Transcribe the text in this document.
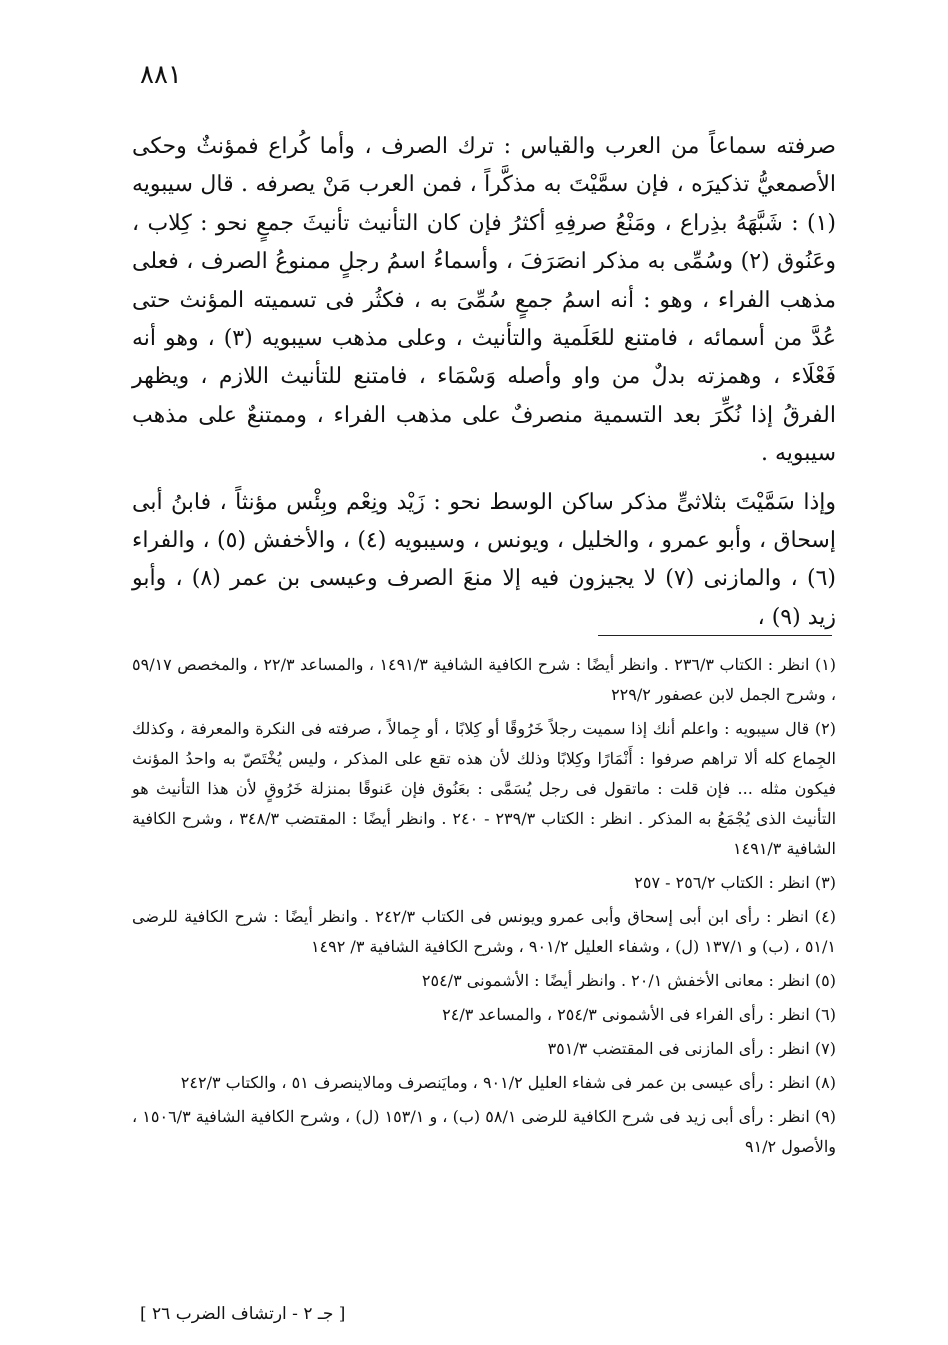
٨٨١

صرفته سماعاً من العرب والقياس : ترك الصرف ، وأما كُراع فمؤنثٌ وحكى الأصمعيُّ تذكيرَه ، فإن سمَّيْتَ به مذكَّراً ، فمن العرب مَنْ يصرفه . قال سيبويه (١) : شَبَّهَهُ بذِراع ، ومَنْعُ صرفِهِ أكثرُ فإن كان التأنيث تأنيثَ جمعٍ نحو : كِلاب ، وعَنُوق (٢) وسُمِّى به مذكر انصَرَفَ ، وأسماءُ اسمُ رجلٍ ممنوعُ الصرف ، فعلى مذهب الفراء ، وهو : أنه اسمُ جمعٍ سُمِّىَ به ، فكثُر فى تسميته المؤنث حتى عُدَّ من أسمائه ، فامتنع للعَلَمية والتأنيث ، وعلى مذهب سيبويه (٣) ، وهو أنه فَعْلَاء ، وهمزته بدلٌ من واو وأصله وَسْمَاء ، فامتنع للتأنيث اللازم ، ويظهر الفرقُ إذا نُكِّرَ بعد التسمية منصرفٌ على مذهب الفراء ، وممتنعٌ على مذهب سيبويه .

وإذا سَمَّيْتَ بثلاثىٍّ مذكر ساكن الوسط نحو : زَيْد ونِعْم وبِئْس مؤنثاً ، فابنُ أبى إسحاق ، وأبو عمرو ، والخليل ، ويونس ، وسيبويه (٤) ، والأخفش (٥) ، والفراء (٦) ، والمازنى (٧) لا يجيزون فيه إلا منعَ الصرف وعيسى بن عمر (٨) ، وأبو زيد (٩) ،

(١) انظر : الكتاب ٢٣٦/٣ . وانظر أيضًا : شرح الكافية الشافية ١٤٩١/٣ ، والمساعد ٢٢/٣ ، والمخصص ٥٩/١٧ ، وشرح الجمل لابن عصفور ٢٢٩/٢

(٢) قال سيبويه : واعلم أنك إذا سميت رجلاً خَرُوقًا أو كِلابًا ، أو جِمالاً ، صرفته فى النكرة والمعرفة ، وكذلك الجِماع كله ألا تراهم صرفوا : أَنْمَارًا وكِلابًا وذلك لأن هذه تقع على المذكر ، وليس يُخْتَصّ به واحدُ المؤنث فيكون مثله ... فإن قلت : ماتقول فى رجل يُسَمَّى : بعَنُوق فإن عَنوقًا بمنزلة خَرُوقٍ لأن هذا التأنيث هو التأنيث الذى يُجْمَعُ به المذكر . انظر : الكتاب ٢٣٩/٣ - ٢٤٠ . وانظر أيضًا : المقتضب ٣٤٨/٣ ، وشرح الكافية الشافية ١٤٩١/٣

(٣) انظر : الكتاب ٢٥٦/٢ - ٢٥٧

(٤) انظر : رأى ابن أبى إسحاق وأبى عمرو ويونس فى الكتاب ٢٤٢/٣ . وانظر أيضًا : شرح الكافية للرضى ٥١/١ ، (ب) و ١٣٧/١ (ل) ، وشفاء العليل ٩٠١/٢ ، وشرح الكافية الشافية ٣/ ١٤٩٢

(٥) انظر : معانى الأخفش ٢٠/١ . وانظر أيضًا : الأشمونى ٢٥٤/٣

(٦) انظر : رأى الفراء فى الأشمونى ٢٥٤/٣ ، والمساعد ٢٤/٣

(٧) انظر : رأى المازنى فى المقتضب ٣٥١/٣

(٨) انظر : رأى عيسى بن عمر فى شفاء العليل ٩٠١/٢ ، ومايَنصرف ومالاينصرف ٥١ ، والكتاب ٢٤٢/٣

(٩) انظر : رأى أبى زيد فى شرح الكافية للرضى ٥٨/١ (ب) ، و ١٥٣/١ (ل) ، وشرح الكافية الشافية ١٥٠٦/٣ ، والأصول ٩١/٢

[ جـ ٢ - ارتشاف الضرب ٢٦ ]
